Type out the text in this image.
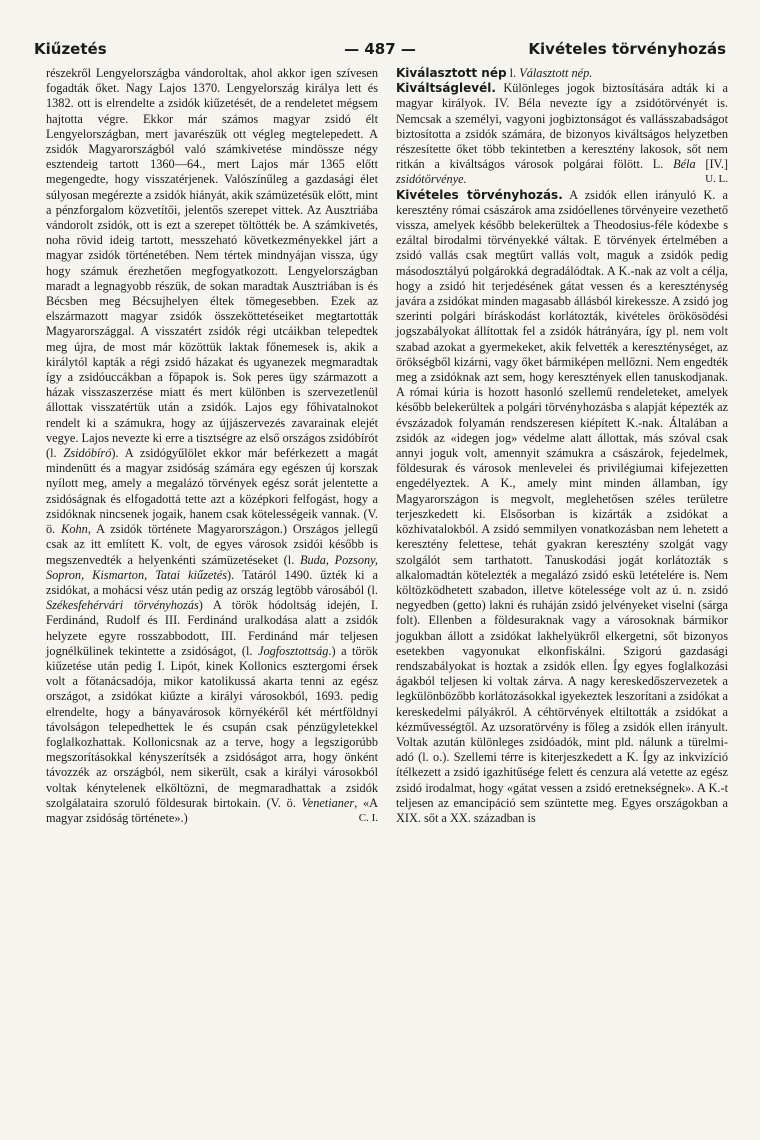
Kiűzetés	— 487 —	Kivételes törvényhozás

részekről Lengyelországba vándoroltak, ahol akkor igen szívesen fogadták őket. Nagy Lajos 1370. Lengyelország királya lett és 1382. ott is elrendelte a zsidók kiűzetését, de a rendeletet mégsem hajtotta végre. Ekkor már számos magyar zsidó élt Lengyelországban, mert javarészük ott végleg megtelepedett. A zsidók Magyarországból való számkivetése mindössze négy esztendeig tartott 1360—64., mert Lajos már 1365 előtt megengedte, hogy visszatérjenek. Valószínűleg a gazdasági élet súlyosan megérezte a zsidók hiányát, akik számüzetésük előtt, mint a pénzforgalom közvetítői, jelentős szerepet vittek. Az Ausztriába vándorolt zsidók, ott is ezt a szerepet töltötték be. A számkivetés, noha rövid ideig tartott, messzeható következményekkel járt a magyar zsidók történetében. Nem tértek mindnyájan vissza, úgy hogy számuk érezhetően megfogyatkozott. Lengyelországban maradt a legnagyobb részük, de sokan maradtak Ausztriában is és Bécsben meg Bécsujhelyen éltek tömegesebben. Ezek az elszármazott magyar zsidók összeköttetéseiket megtartották Magyarországgal. A visszatért zsidók régi utcáikban telepedtek meg újra, de most már közöttük laktak főnemesek is, akik a királytól kapták a régi zsidó házakat és ugyanezek megmaradtak így a zsidóuccákban a főpapok is. Sok peres ügy származott a házak visszaszerzése miatt és mert különben is szervezetlenül állottak visszatértük után a zsidók. Lajos egy főhivatalnokot rendelt ki a számukra, hogy az újjászervezés zavarainak elejét vegye. Lajos nevezte ki erre a tisztségre az első országos zsidóbírót (l. Zsidóbíró). A zsidógyűlölet ekkor már beférkezett a magát mindenütt és a magyar zsidóság számára egy egészen új korszak nyílott meg, amely a megalázó törvények egész sorát jelentette a zsidóságnak és elfogadottá tette azt a középkori felfogást, hogy a zsidóknak nincsenek jogaik, hanem csak kötelességeik vannak. (V. ö. Kohn, A zsidók története Magyarországon.) Országos jellegű csak az itt említett K. volt, de egyes városok zsidói később is megszenvedték a helyenkénti számüzetéseket (l. Buda, Pozsony, Sopron, Kismarton, Tatai kiűzetés). Tatáról 1490. űzték ki a zsidókat, a mohácsi vész után pedig az ország legtöbb városából (l. Székesfehérvári törvényhozás) A török hódoltság idején, I. Ferdinánd, Rudolf és III. Ferdinánd uralkodása alatt a zsidók helyzete egyre rosszabbodott, III. Ferdinánd már teljesen jognélkülinek tekintette a zsidóságot, (l. Jogfosztottság.) a török kiűzetése után pedig I. Lipót, kinek Kollonics esztergomi érsek volt a főtanácsadója, mikor katolikussá akarta tenni az egész országot, a zsidókat kiűzte a királyi városokból, 1693. pedig elrendelte, hogy a bányavárosok környékéről két mértföldnyi távolságon telepedhettek le és csupán csak pénzügyletekkel foglalkozhattak. Kollonicsnak az a terve, hogy a legszigorúbb megszorításokkal kényszerítsék a zsidóságot arra, hogy önként távozzék az országból, nem sikerült, csak a királyi városokból voltak kénytelenek elköltözni, de megmaradhattak a zsidók szolgálataira szoruló földesurak birtokain. (V. ö. Venetianer, «A magyar zsidóság története».)	C. I.

Kiválasztott nép l. Választott nép.

Kiváltságlevél. Különleges jogok biztosítására adták ki a magyar királyok. IV. Béla nevezte így a zsidótörvényét is. Nemcsak a személyi, vagyoni jogbiztonságot és vallásszabadságot biztosította a zsidók számára, de bizonyos kiváltságos helyzetben részesítette őket több tekintetben a keresztény lakosok, sőt nem ritkán a kiváltságos városok polgárai fölött. L. Béla [IV.] zsidótörvénye.	U. L.

Kivételes törvényhozás. A zsidók ellen irányuló K. a keresztény római császárok ama zsidóellenes törvényeire vezethető vissza, amelyek később belekerültek a Theodosius-féle kódexbe s ezáltal birodalmi törvényekké váltak. E törvények értelmében a zsidó vallás csak megtűrt vallás volt, maguk a zsidók pedig másodosztályú polgárokká degradálódtak. A K.-nak az volt a célja, hogy a zsidó hit terjedésének gátat vessen és a kereszténység javára a zsidókat minden magasabb állásból kirekessze. A zsidó jog szerinti polgári bíráskodást korlátozták, kivételes örökösödési jogszabályokat állítottak fel a zsidók hátrányára, így pl. nem volt szabad azokat a gyermekeket, akik felvették a kereszténységet, az örökségből kizárni, vagy őket bármiképen mellőzni. Nem engedték meg a zsidóknak azt sem, hogy keresztények ellen tanuskodjanak. A római kúria is hozott hasonló szellemű rendeleteket, amelyek később belekerültek a polgári törvényhozásba s alapját képezték az évszázadok folyamán rendszeresen kiépített K.-nak. Általában a zsidók az «idegen jog» védelme alatt állottak, más szóval csak annyi joguk volt, amennyit számukra a császárok, fejedelmek, földesurak és városok menlevelei és privilégiumai kifejezetten engedélyeztek. A K., amely mint minden államban, így Magyarországon is megvolt, meglehetősen széles területre terjeszkedett ki. Elsősorban is kizárták a zsidókat a közhivatalokból. A zsidó semmilyen vonatkozásban nem lehetett a keresztény felettese, tehát gyakran keresztény szolgát vagy szolgálót sem tarthatott. Tanuskodási jogát korlátozták s alkalomadtán kötelezték a megalázó zsidó eskü letételére is. Nem költözködhetett szabadon, illetve kötelessége volt az ú. n. zsidó negyedben (getto) lakni és ruháján zsidó jelvényeket viselni (sárga folt). Ellenben a földesuraknak vagy a városoknak bármikor jogukban állott a zsidókat lakhelyükről elkergetni, sőt bizonyos esetekben vagyonukat elkonfiskálni. Szigorú gazdasági rendszabályokat is hoztak a zsidók ellen. Így egyes foglalkozási ágakból teljesen ki voltak zárva. A nagy kereskedőszervezetek a legkülönbözőbb korlátozásokkal igyekeztek leszorítani a zsidókat a kereskedelmi pályákról. A céhtörvények eltiltották a zsidókat a kézművességtől. Az uzsoratörvény is főleg a zsidók ellen irányult. Voltak azután különleges zsidóadók, mint pld. nálunk a türelmi-adó (l. o.). Szellemi térre is kiterjeszkedett a K. Így az inkvizíció ítélkezett a zsidó igazhitűsége felett és cenzura alá vetette az egész zsidó irodalmat, hogy «gátat vessen a zsidó eretnekségnek». A K.-t teljesen az emancipáció sem szüntette meg. Egyes országokban a XIX. sőt a XX. században is
